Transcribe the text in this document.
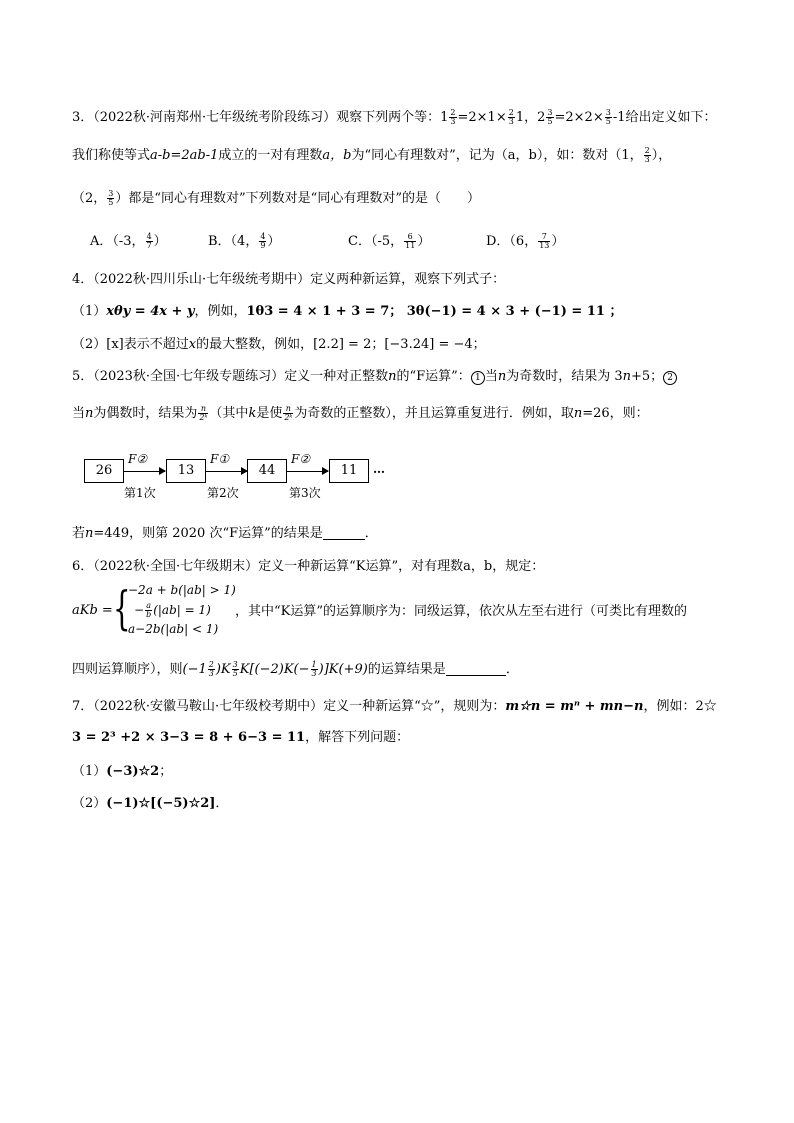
3．（2022秋·河南郑州·七年级统考阶段练习）观察下列两个等：$1 \frac{2}{3} =2\times 1\times \frac{2}{3} 1$，$2 \frac{3}{5} =2\times 2\times \frac{3}{5} -1$给出定义如下：
我们称使等式a-b=2ab-1成立的一对有理数a，b为“同心有理数对”，记为（a，b），如：数对（1， $\frac{2}{3}$ ），
（2， $\frac{3}{5}$ ）都是“同心有理数对”下列数对是“同心有理数对”的是（　　）
A．（-3， $\frac{4}{7}$ ）	B．（4， $\frac{4}{9}$ ）	C．（-5， $\frac{6}{11}$ ）	D．（6， $\frac{7}{13}$ ）
4．（2022秋·四川乐山·七年级统考期中）定义两种新运算，观察下列式子：
（1）xθy = 4x + y，例如，1θ3 = 4 × 1 + 3 = 7； 3θ(−1) = 4 × 3 + (−1) = 11 ；
（2）[x]表示不超过x的最大整数，例如，[2.2] = 2；[−3.24] = −4；
5．（2023秋·全国·七年级专题练习）定义一种对正整数n的“F运算”： 1 当n为奇数时，结果为 3n+5； 2
当n为偶数时，结果为 $\frac{n}{\text{2ᵏ}}$ （其中k是使 $\frac{n}{\text{2ᵏ}}$ 为奇数的正整数），并且运算重复进行．例如，取n=26，则：
26
F②
第1次
13
F①
第2次
44
F②
第3次
11	…
若n=449，则第 2020 次“F运算”的结果是	．
6．（2022秋·全国·七年级期末）定义一种新运算“K运算”，对有理数a，b，规定：
aKb = {
−2a + b(|ab| > 1)
− $\frac{a}{b} (|ab| = 1)$
a−2b(|ab| < 1)
，其中“K运算”的运算顺序为：同级运算，依次从左至右进行（可类比有理数的
四则运算顺序），则$(-1 \frac{2}{3} )K \frac{3}{5} K[(-2)K(- \frac{1}{3} )]K(+9)$的运算结果是	．
7．（2022秋·安徽马鞍山·七年级校考期中）定义一种新运算“☆”，规则为：m☆n = mⁿ + mn−n，例如：2☆
3 = 2³ +2 × 3−3 = 8 + 6−3 = 11，解答下列问题：
（1）(−3)☆2；
（2）(−1)☆[(−5)☆2]．
